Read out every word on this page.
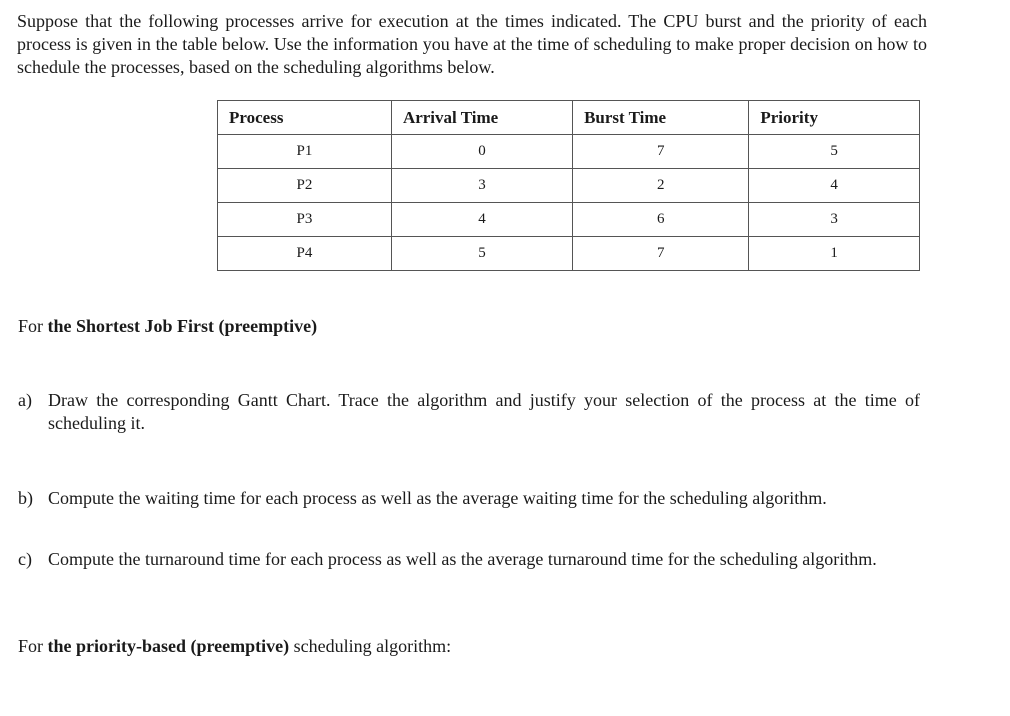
Suppose that the following processes arrive for execution at the times indicated. The CPU burst and the priority of each process is given in the table below. Use the information you have at the time of scheduling to make proper decision on how to schedule the processes, based on the scheduling algorithms below.

Process	Arrival Time	Burst Time	Priority
P1	0	7	5
P2	3	2	4
P3	4	6	3
P4	5	7	1

For the Shortest Job First (preemptive)

a) Draw the corresponding Gantt Chart. Trace the algorithm and justify your selection of the process at the time of scheduling it.
b) Compute the waiting time for each process as well as the average waiting time for the scheduling algorithm.
c) Compute the turnaround time for each process as well as the average turnaround time for the scheduling algorithm.

For the priority-based (preemptive) scheduling algorithm:
